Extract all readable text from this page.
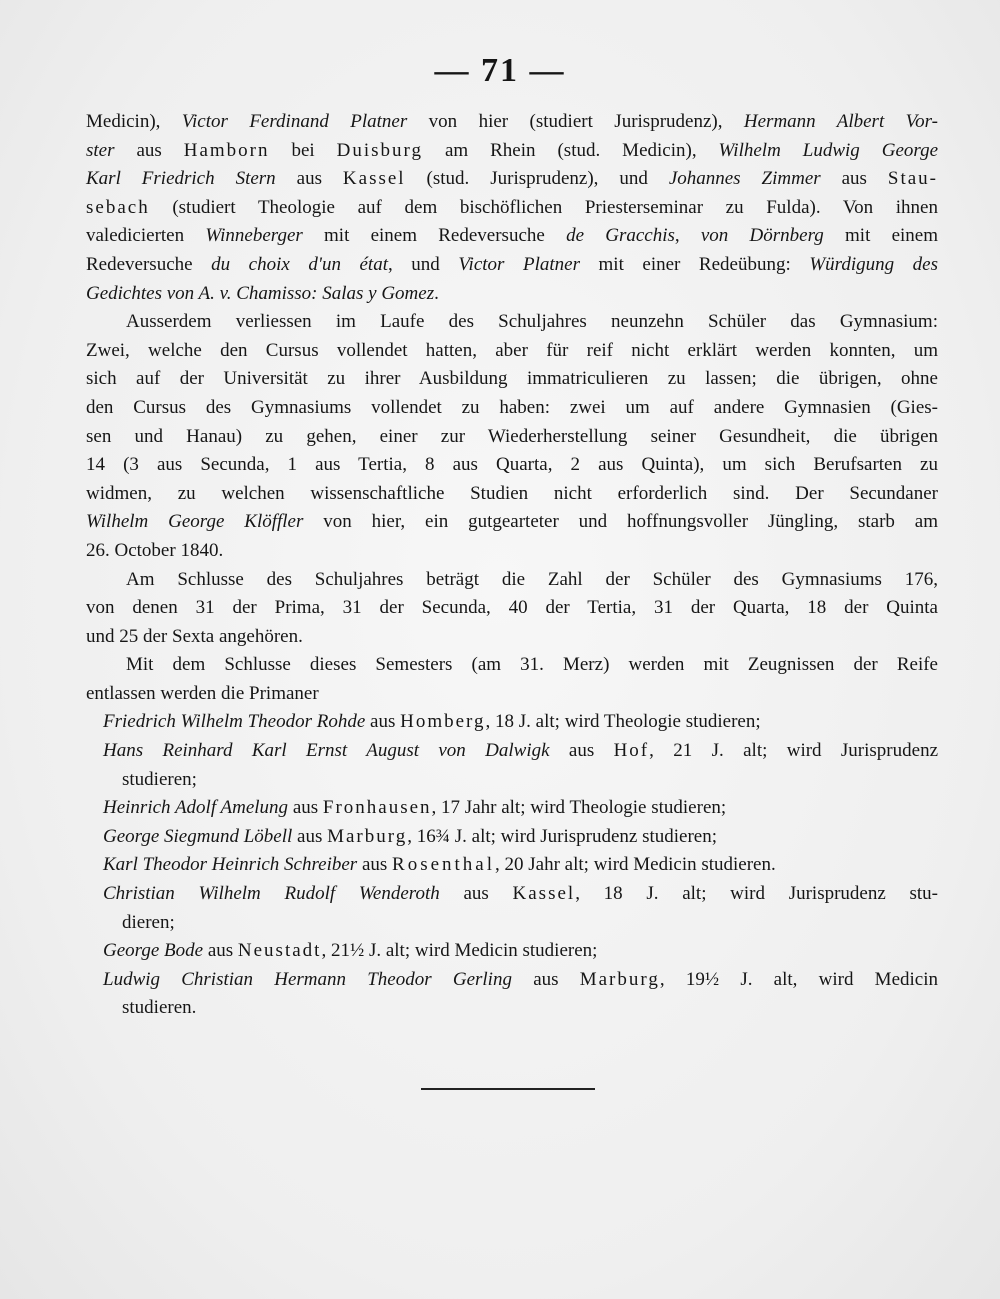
— 71 —
Medicin), Victor Ferdinand Platner von hier (studiert Jurisprudenz), Hermann Albert Vor-
ster aus Hamborn bei Duisburg am Rhein (stud. Medicin), Wilhelm Ludwig George
Karl Friedrich Stern aus Kassel (stud. Jurisprudenz), und Johannes Zimmer aus Stau-
sebach (studiert Theologie auf dem bischöflichen Priesterseminar zu Fulda). Von ihnen
valedicierten Winneberger mit einem Redeversuche de Gracchis, von Dörnberg mit einem
Redeversuche du choix d'un état, und Victor Platner mit einer Redeübung: Würdigung des
Gedichtes von A. v. Chamisso: Salas y Gomez.
Ausserdem verliessen im Laufe des Schuljahres neunzehn Schüler das Gymnasium:
Zwei, welche den Cursus vollendet hatten, aber für reif nicht erklärt werden konnten, um
sich auf der Universität zu ihrer Ausbildung immatriculieren zu lassen; die übrigen, ohne
den Cursus des Gymnasiums vollendet zu haben: zwei um auf andere Gymnasien (Gies-
sen und Hanau) zu gehen, einer zur Wiederherstellung seiner Gesundheit, die übrigen
14 (3 aus Secunda, 1 aus Tertia, 8 aus Quarta, 2 aus Quinta), um sich Berufsarten zu
widmen, zu welchen wissenschaftliche Studien nicht erforderlich sind. Der Secundaner
Wilhelm George Klöffler von hier, ein gutgearteter und hoffnungsvoller Jüngling, starb am
26. October 1840.
Am Schlusse des Schuljahres beträgt die Zahl der Schüler des Gymnasiums 176,
von denen 31 der Prima, 31 der Secunda, 40 der Tertia, 31 der Quarta, 18 der Quinta
und 25 der Sexta angehören.
Mit dem Schlusse dieses Semesters (am 31. Merz) werden mit Zeugnissen der Reife
entlassen werden die Primaner
Friedrich Wilhelm Theodor Rohde aus Homberg, 18 J. alt; wird Theologie studieren;
Hans Reinhard Karl Ernst August von Dalwigk aus Hof, 21 J. alt; wird Jurisprudenz
studieren;
Heinrich Adolf Amelung aus Fronhausen, 17 Jahr alt; wird Theologie studieren;
George Siegmund Löbell aus Marburg, 16¾ J. alt; wird Jurisprudenz studieren;
Karl Theodor Heinrich Schreiber aus Rosenthal, 20 Jahr alt; wird Medicin studieren.
Christian Wilhelm Rudolf Wenderoth aus Kassel, 18 J. alt; wird Jurisprudenz stu-
dieren;
George Bode aus Neustadt, 21½ J. alt; wird Medicin studieren;
Ludwig Christian Hermann Theodor Gerling aus Marburg, 19½ J. alt, wird Medicin
studieren.
